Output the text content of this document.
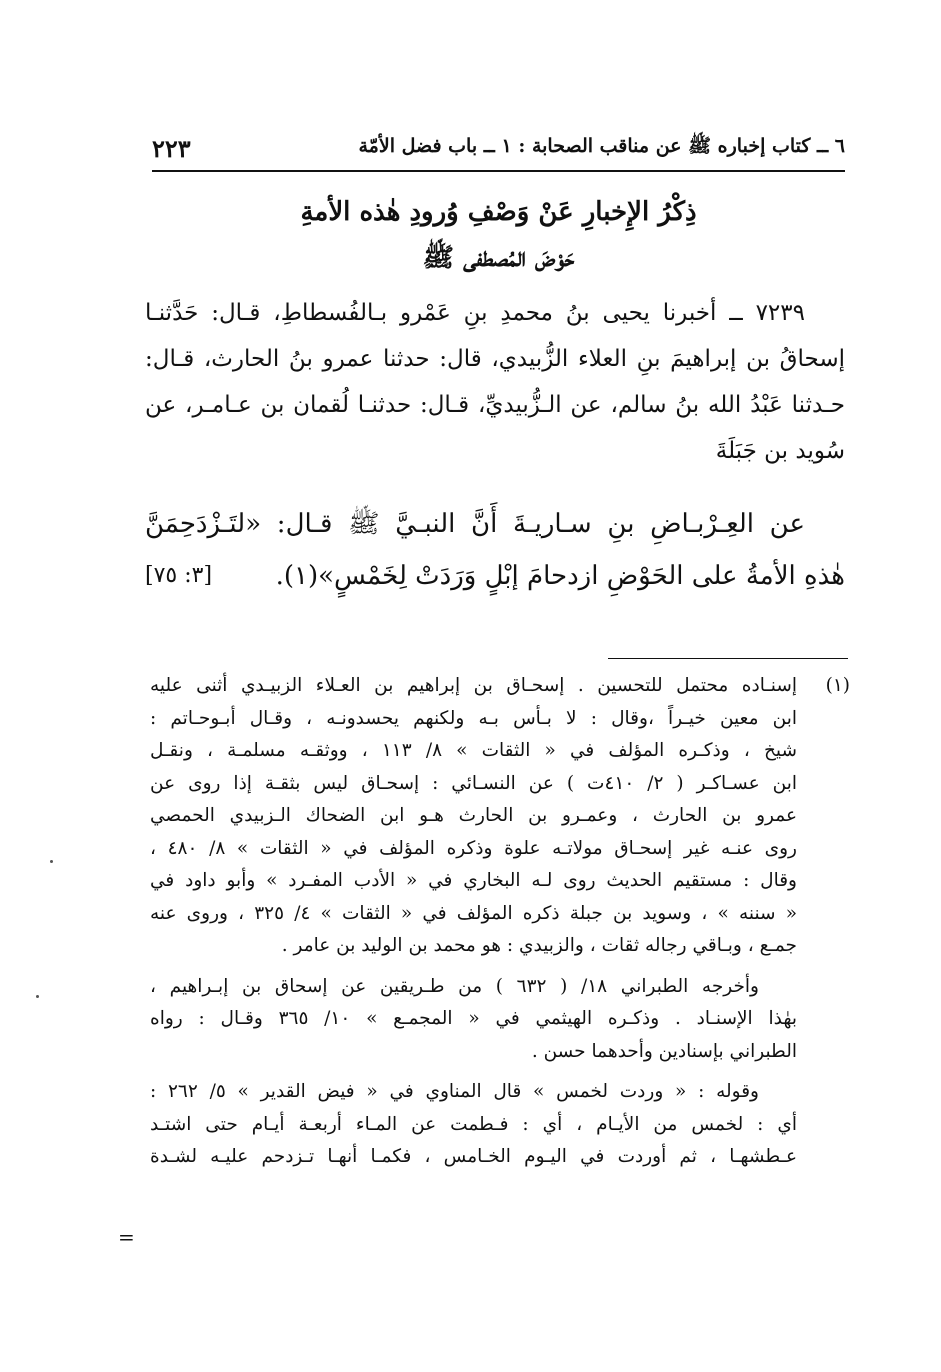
٦ ــ كتاب إخباره ﷺ عن مناقب الصحابة : ١ ــ باب فضل الأمّة
٢٢٣
ذِكْرُ الإِخبارِ عَنْ وَصْفِ وُرودِ هٰذه الأمةِ
حَوْضَ المُصطفى ﷺ
٧٢٣٩ ــ أخبرنا يحيى بنُ محمدِ بنِ عَمْرو بـالفُسطاطِ، قـال: حَدَّثنـا
إسحاقُ بن إبراهيمَ بنِ العلاء الزُّبيدي، قال: حدثنا عمرو بنُ الحارث، قـال:
حـدثنا عَبْدُ الله بنُ سالم، عن الـزُّبيديِّ، قـال: حدثنـا لُقمان بن عـامـر، عن
سُويد بن جَبَلَةَ
عن العِـرْبـاضِ بنِ سـاريـةَ أَنَّ النبـيَّ ﷺ قـال: «لتَـزْدَحِمَنَّ
هٰذهِ الأمةُ على الحَوْضِ ازدحامَ إبْلٍ وَرَدَتْ لِخَمْسٍ»(١).
[٣: ٧٥]
(١)
إسنـاده محتمل للتحسين . إسحـاق بن إبراهيم بن العـلاء الزبيـدي أثنى عليه
ابن معين خيـراً ،وقال : لا بـأس بـه ولكنهم يحسدونـه ، وقـال أبـوحـاتم :
شيخ ، وذكـره المؤلف في « الثقات » ٨/ ١١٣ ، ووثقـه مسلمـة ، ونقـل
ابن عسـاكـر ( ٢/ ٤١٠ت ) عن النسـائي : إسحـاق ليس بثقـة إذا روى عن
عمرو بن الحارث ، وعمـرو بن الحارث هـو ابن الضحاك الـزبيدي الحمصي
روى عنـه غير إسحـاق مولاتـه علوة وذكره المؤلف في « الثقات » ٨/ ٤٨٠ ،
وقال : مستقيم الحديث روى لـه البخاري في « الأدب المفـرد » وأبو داود في
« سننه » ، وسويد بن جبلة ذكره المؤلف في « الثقات » ٤/ ٣٢٥ ، وروى عنه
جمـع ، وبـاقي رجاله ثقات ، والزبيدي : هو محمد بن الوليد بن عامر .
وأخرجه الطبراني ١٨/ ( ٦٣٢ ) من طـريقين عن إسحاق بن إبـراهيم ،
بهٰذا الإسنـاد . وذكـره الهيثمي في « المجمـع » ١٠/ ٣٦٥ وقـال : رواه
الطبراني بإسنادين وأحدهما حسن .
وقوله : « وردت لخمس » قال المناوي في « فيض القدير » ٥/ ٢٦٢ :
أي : لخمس من الأيـام ، أي : فـطمت عن المـاء أربعـة أيـام حتى اشتـد
عـطشهـا ، ثم أوردت في اليـوم الخـامس ، فكمـا أنهـا تـزدحم عليـه لشـدة
=
